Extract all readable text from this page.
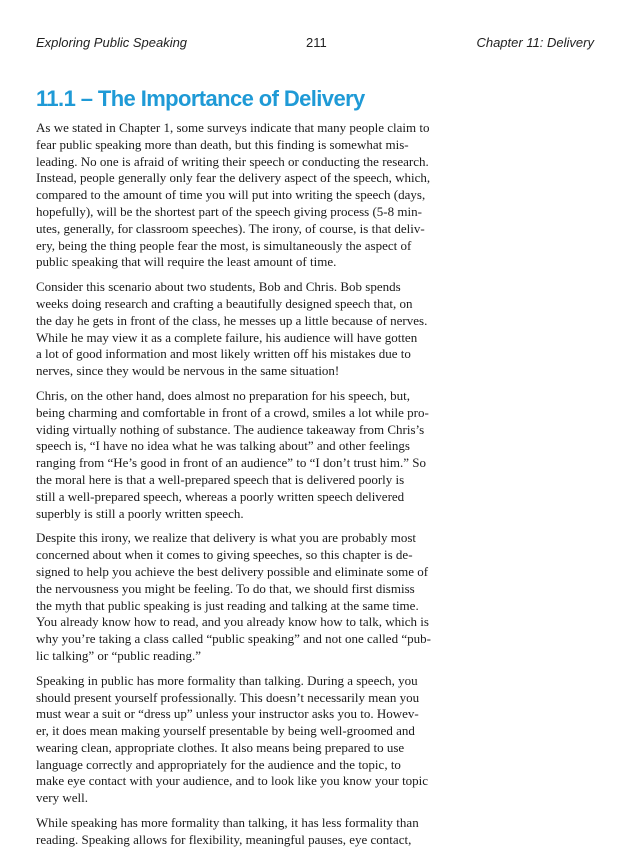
Exploring Public Speaking	211	Chapter 11: Delivery
11.1 – The Importance of Delivery

As we stated in Chapter 1, some surveys indicate that many people claim to
fear public speaking more than death, but this finding is somewhat mis-
leading. No one is afraid of writing their speech or conducting the research.
Instead, people generally only fear the delivery aspect of the speech, which,
compared to the amount of time you will put into writing the speech (days,
hopefully), will be the shortest part of the speech giving process (5-8 min-
utes, generally, for classroom speeches). The irony, of course, is that deliv-
ery, being the thing people fear the most, is simultaneously the aspect of
public speaking that will require the least amount of time.

Consider this scenario about two students, Bob and Chris. Bob spends
weeks doing research and crafting a beautifully designed speech that, on
the day he gets in front of the class, he messes up a little because of nerves.
While he may view it as a complete failure, his audience will have gotten
a lot of good information and most likely written off his mistakes due to
nerves, since they would be nervous in the same situation!

Chris, on the other hand, does almost no preparation for his speech, but,
being charming and comfortable in front of a crowd, smiles a lot while pro-
viding virtually nothing of substance. The audience takeaway from Chris’s
speech is, “I have no idea what he was talking about” and other feelings
ranging from “He’s good in front of an audience” to “I don’t trust him.” So
the moral here is that a well-prepared speech that is delivered poorly is
still a well-prepared speech, whereas a poorly written speech delivered
superbly is still a poorly written speech.

Despite this irony, we realize that delivery is what you are probably most
concerned about when it comes to giving speeches, so this chapter is de-
signed to help you achieve the best delivery possible and eliminate some of
the nervousness you might be feeling. To do that, we should first dismiss
the myth that public speaking is just reading and talking at the same time.
You already know how to read, and you already know how to talk, which is
why you’re taking a class called “public speaking” and not one called “pub-
lic talking” or “public reading.”

Speaking in public has more formality than talking. During a speech, you
should present yourself professionally. This doesn’t necessarily mean you
must wear a suit or “dress up” unless your instructor asks you to. Howev-
er, it does mean making yourself presentable by being well-groomed and
wearing clean, appropriate clothes. It also means being prepared to use
language correctly and appropriately for the audience and the topic, to
make eye contact with your audience, and to look like you know your topic
very well.

While speaking has more formality than talking, it has less formality than
reading. Speaking allows for flexibility, meaningful pauses, eye contact,
